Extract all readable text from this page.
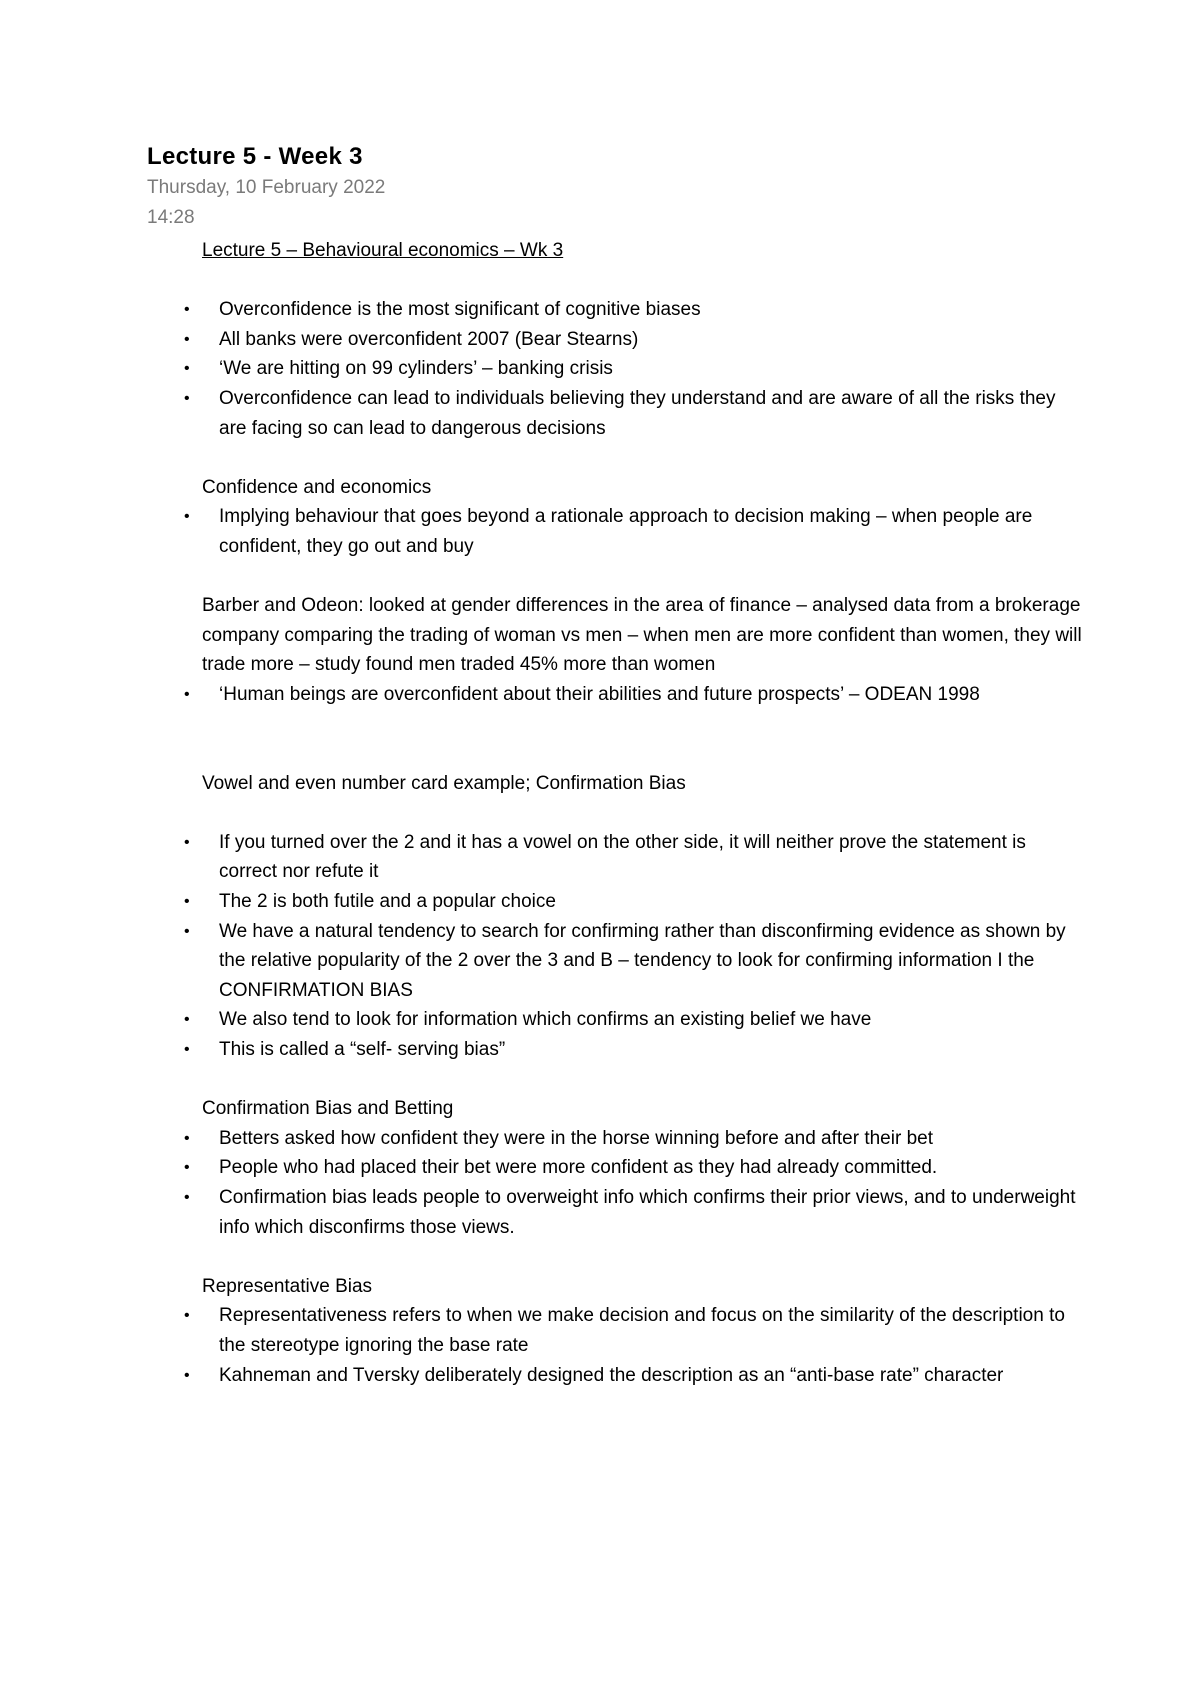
Lecture 5 - Week 3
Thursday, 10 February 2022
14:28

Lecture 5 – Behavioural economics – Wk 3

• Overconfidence is the most significant of cognitive biases
• All banks were overconfident 2007 (Bear Stearns)
• ‘We are hitting on 99 cylinders’ – banking crisis
• Overconfidence can lead to individuals believing they understand and are aware of all the risks they are facing so can lead to dangerous decisions

Confidence and economics

• Implying behaviour that goes beyond a rationale approach to decision making – when people are confident, they go out and buy

Barber and Odeon: looked at gender differences in the area of finance – analysed data from a brokerage company comparing the trading of woman vs men – when men are more confident than women, they will trade more – study found men traded 45% more than women

• ‘Human beings are overconfident about their abilities and future prospects’ – ODEAN 1998

Vowel and even number card example; Confirmation Bias

• If you turned over the 2 and it has a vowel on the other side, it will neither prove the statement is correct nor refute it
• The 2 is both futile and a popular choice
• We have a natural tendency to search for confirming rather than disconfirming evidence as shown by the relative popularity of the 2 over the 3 and B – tendency to look for confirming information I the CONFIRMATION BIAS
• We also tend to look for information which confirms an existing belief we have
• This is called a “self- serving bias”

Confirmation Bias and Betting

• Betters asked how confident they were in the horse winning before and after their bet
• People who had placed their bet were more confident as they had already committed.
• Confirmation bias leads people to overweight info which confirms their prior views, and to underweight info which disconfirms those views.

Representative Bias

• Representativeness refers to when we make decision and focus on the similarity of the description to the stereotype ignoring the base rate
• Kahneman and Tversky deliberately designed the description as an “anti-base rate” character
